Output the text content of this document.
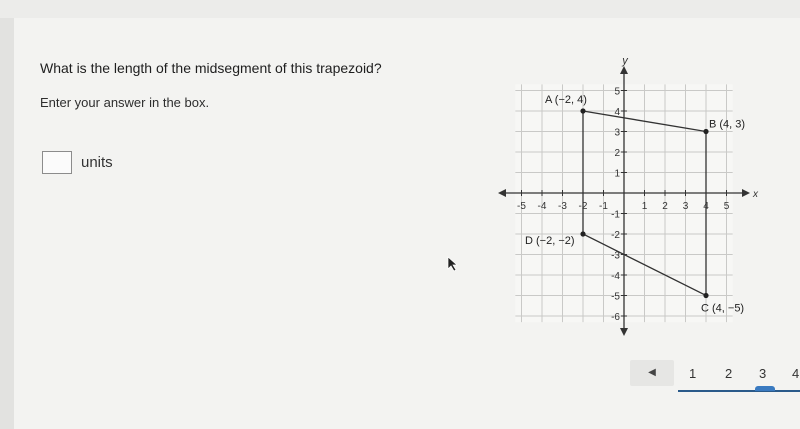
What is the length of the midsegment of this trapezoid?
Enter your answer in the box.
units
x
y
-5 -4 -3 -2 -1	1 2 3 4 5
5
4
3
2
1
-1
-2
-3
-4
-5
-6
A (−2, 4)
B (4, 3)
C (4, −5)
D (−2, −2)
◀	1 2 3 4
